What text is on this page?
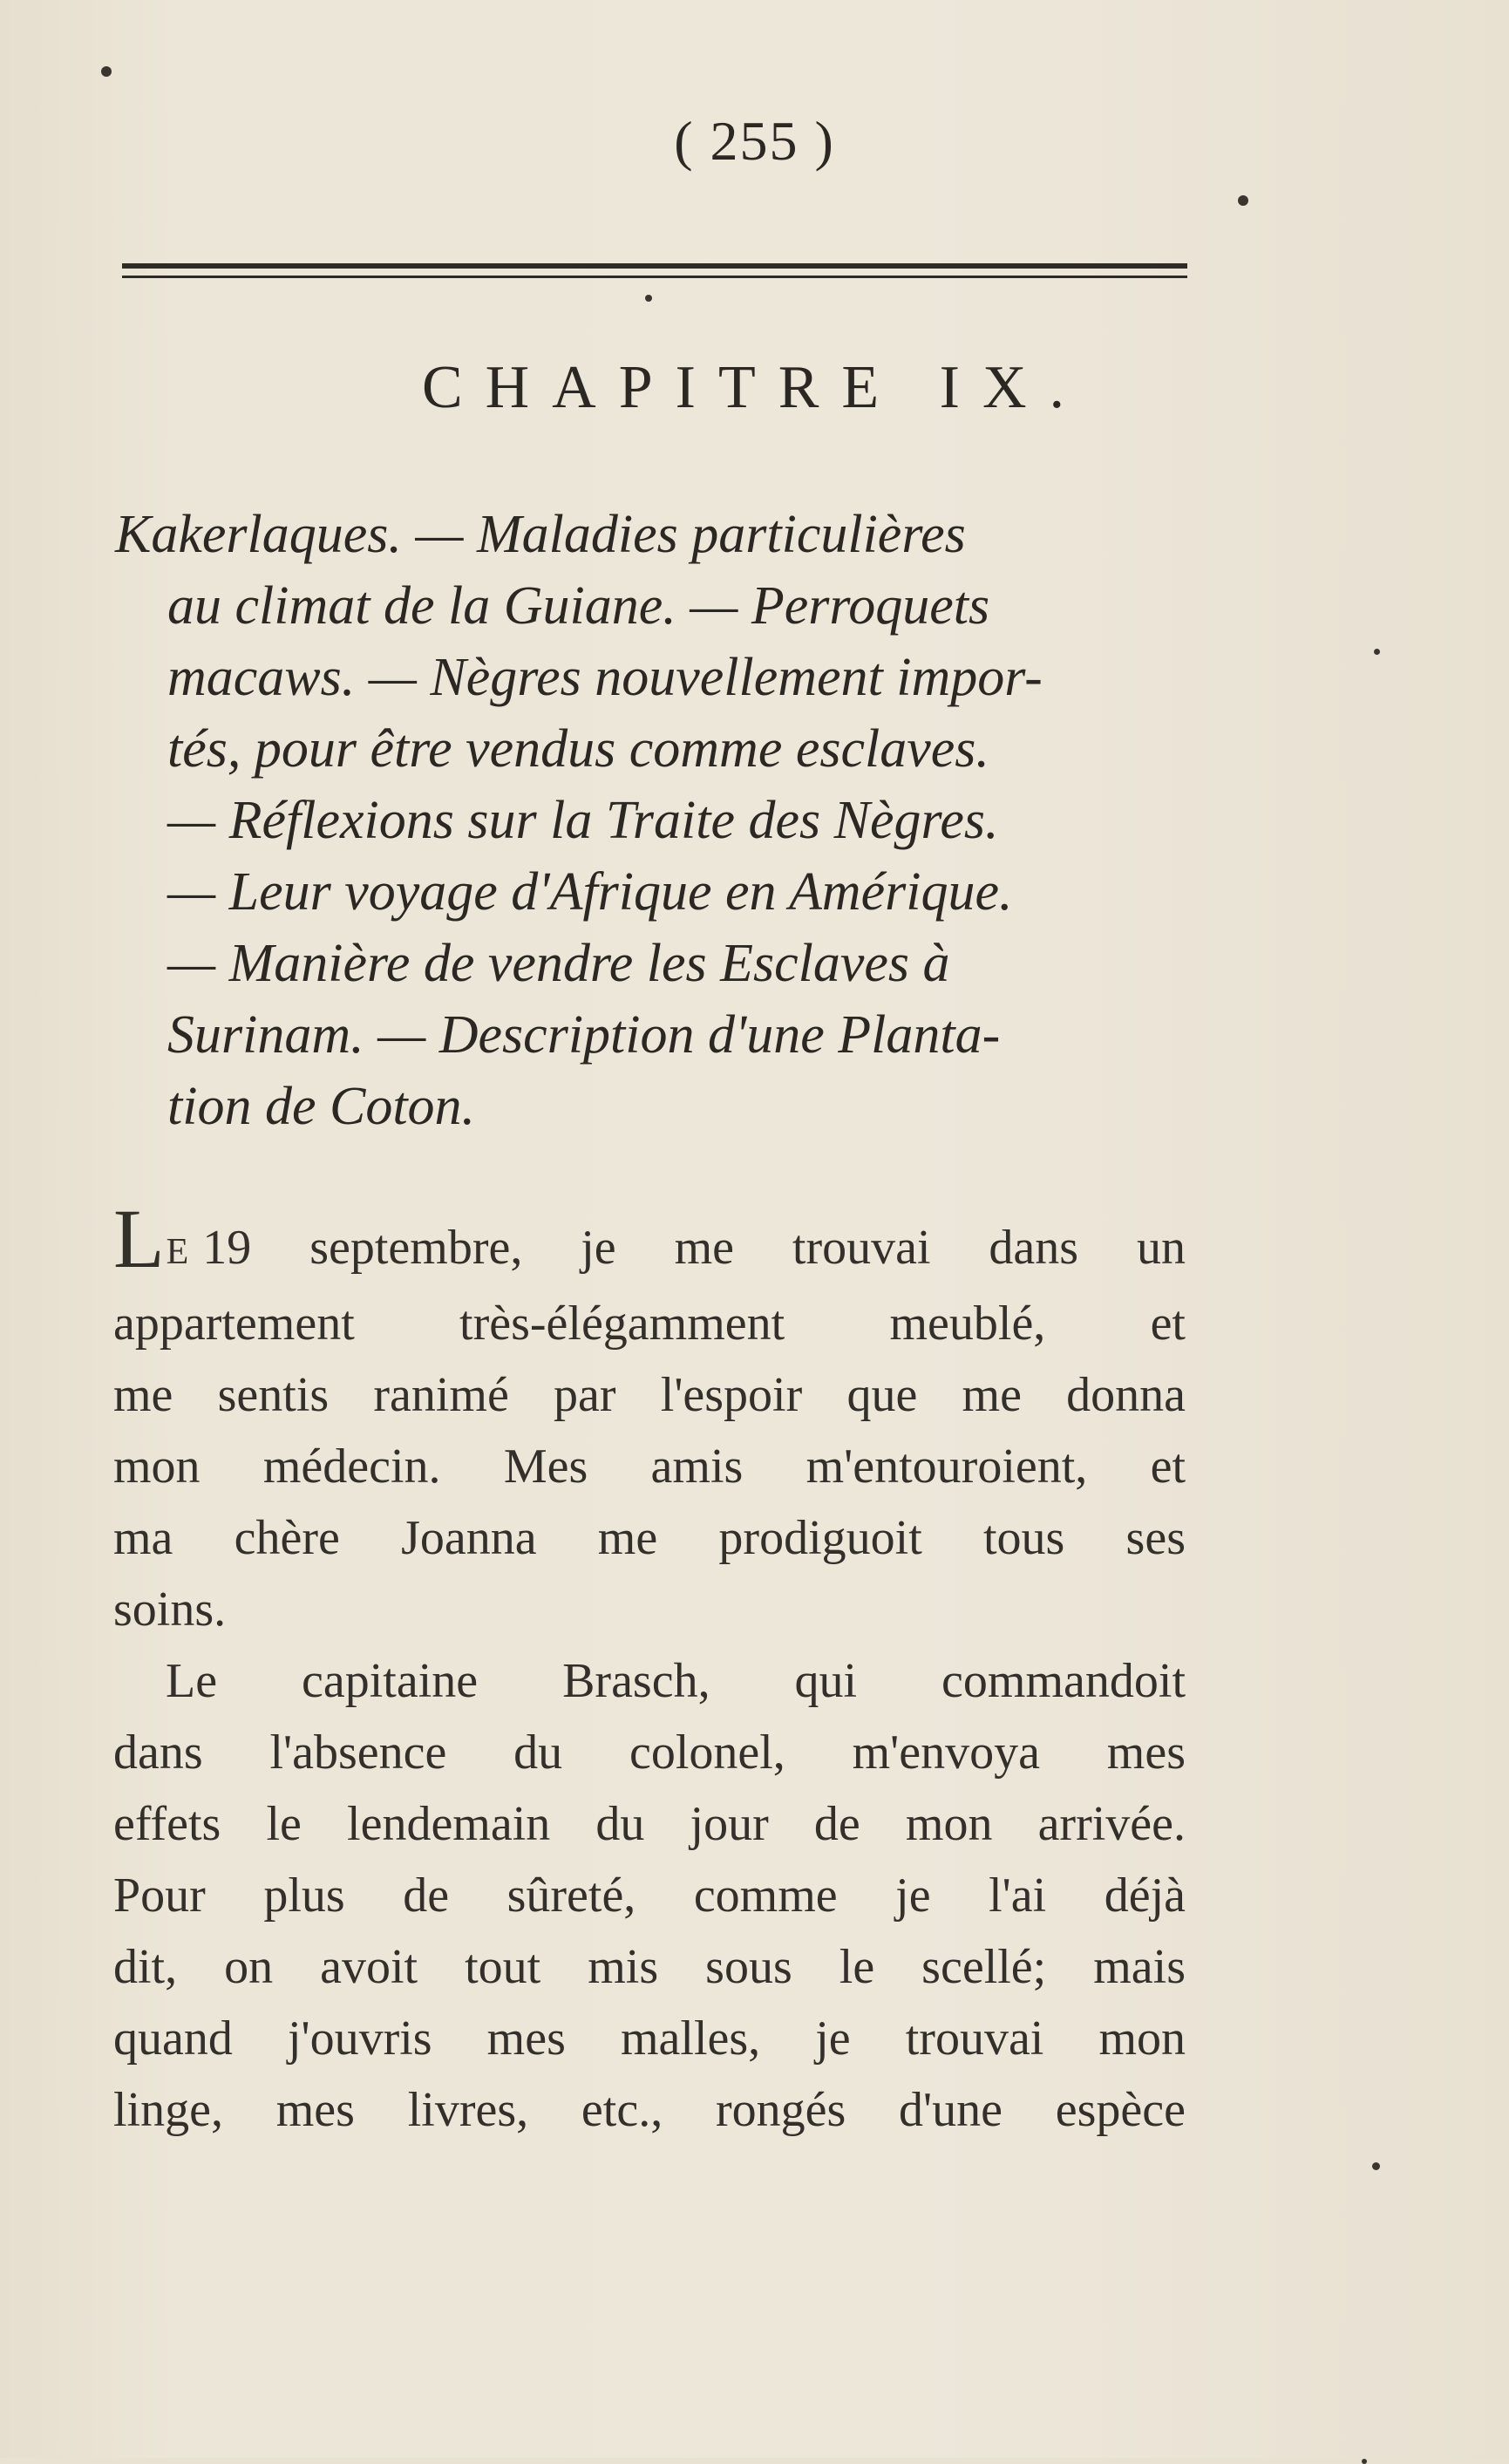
( 255 )
CHAPITRE IX.
Kakerlaques. — Maladies particulières
au climat de la Guiane. — Perroquets
macaws. — Nègres nouvellement impor-
tés, pour être vendus comme esclaves.
— Réflexions sur la Traite des Nègres.
— Leur voyage d'Afrique en Amérique.
— Manière de vendre les Esclaves à
Surinam. — Description d'une Planta-
tion de Coton.
LE 19 septembre, je me trouvai dans un
appartement très-élégamment meublé, et
me sentis ranimé par l'espoir que me donna
mon médecin. Mes amis m'entouroient, et
ma chère Joanna me prodiguoit tous ses
soins.
Le capitaine Brasch, qui commandoit
dans l'absence du colonel, m'envoya mes
effets le lendemain du jour de mon arrivée.
Pour plus de sûreté, comme je l'ai déjà
dit, on avoit tout mis sous le scellé; mais
quand j'ouvris mes malles, je trouvai mon
linge, mes livres, etc., rongés d'une espèce
